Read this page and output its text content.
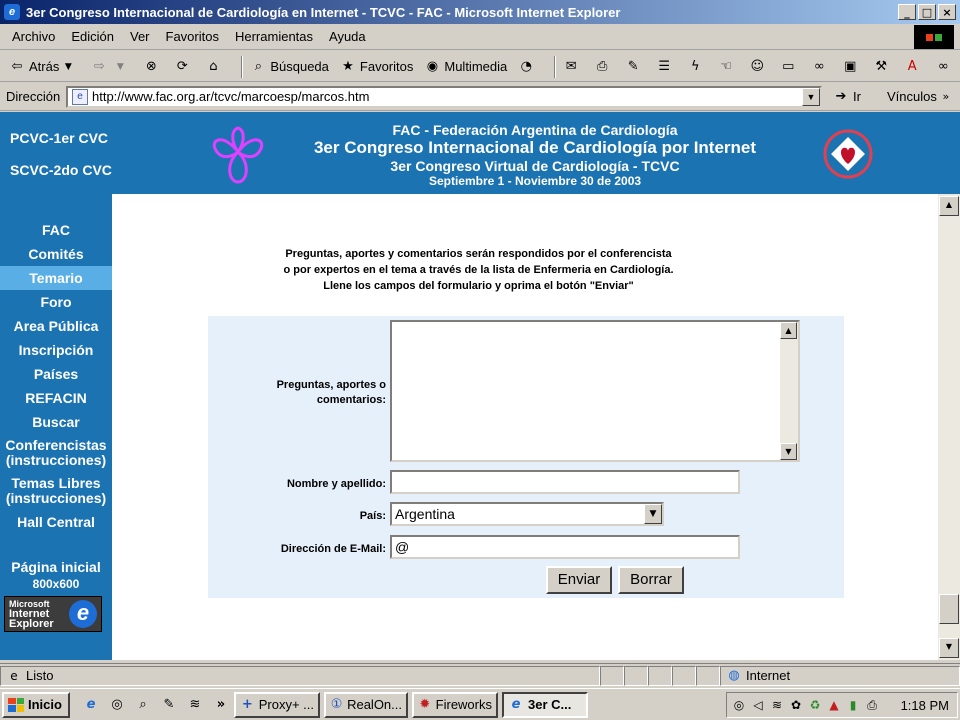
e 3er Congreso Internacional de Cardiología en Internet - TCVC - FAC - Microsoft Internet Explorer	_	□ ×
Archivo	Edición	Ver	Favoritos	Herramientas	Ayuda
⇦ Atrás ▼	⇨	▼	⊗ ⟳	⌂	⌕ Búsqueda ★ Favoritos ◉ Multimedia ◔	✉ ⎙ ✎ ☰	ϟ	☜ ☺ ▭ ∞ ▣ ⚒	A	∞
Dirección	e http://www.fac.org.ar/tcvc/marcoesp/marcos.htm	▼	➔ Ir Vínculos »
PCVC-1er CVC
SCVC-2do CVC
FAC - Federación Argentina de Cardiología
3er Congreso Internacional de Cardiología por Internet
3er Congreso Virtual de Cardiología - TCVC
Septiembre 1 - Noviembre 30 de 2003
FAC
Comités
Temario
Foro
Area Pública
Inscripción
Países
REFACIN
Buscar
Conferencistas
(instrucciones)
Temas Libres
(instrucciones)
Hall Central
Página inicial
800x600
Microsoft
Internet
Explorer	e
Preguntas, aportes y comentarios serán respondidos por el conferencista
o por expertos en el tema a través de la lista de Enfermeria en Cardiología.
Llene los campos del formulario y oprima el botón "Enviar"
Preguntas, aportes o
comentarios:
▲
▼
Nombre y apellido:
País: Argentina	▼
Dirección de E-Mail: @
Enviar	Borrar
▲
▼
e Listo	◍ Internet
Inicio	e	◎	⌕	✎ ≋	»	+ Proxy+ ... ① RealOn... ✹ Fireworks e 3er C...	◎ ◁ ≋ ✿ ♻ ▲ ▮ ⎙ 1:18 PM
